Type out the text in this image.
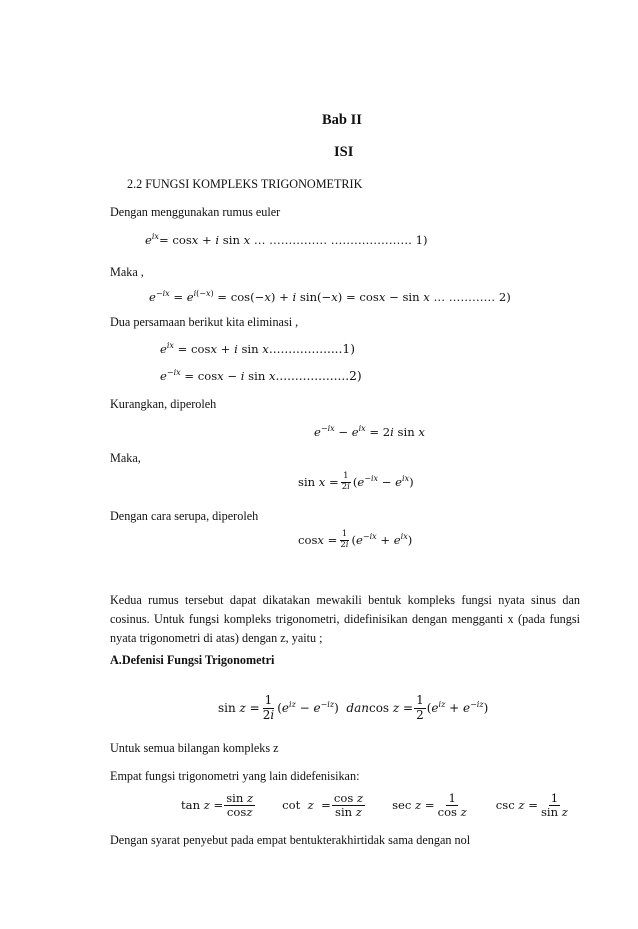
Bab II
ISI
2.2 FUNGSI KOMPLEKS TRIGONOMETRIK
Dengan menggunakan rumus euler
𝑒$^{𝑖𝑥}$= cos𝑥 + 𝑖 sin 𝑥 … …………… ………………… 1)
Maka ,
𝑒$^{-𝑖𝑥}$ = 𝑒$^{𝑖(-𝑥)}$ = cos(−𝑥) + 𝑖 sin(−𝑥) = cos𝑥 − sin 𝑥 … ………… 2)
Dua persamaan berikut kita eliminasi ,
𝑒$^{𝑖𝑥}$ = cos𝑥 + 𝑖 sin 𝑥...................1)
𝑒$^{-𝑖𝑥}$ = cos𝑥 − 𝑖 sin 𝑥...................2)
Kurangkan, diperoleh
𝑒$^{-𝑖𝑥}$ − 𝑒$^{𝑖𝑥}$ = 2𝑖 sin 𝑥
Maka,
sin 𝑥 = $\frac{1}{\text{2𝑖}}$ (𝑒$^{-𝑖𝑥}$ − 𝑒$^{𝑖𝑥}$)
Dengan cara serupa, diperoleh
cos𝑥 = $\frac{1}{\text{2𝑖}}$ (𝑒$^{-𝑖𝑥}$ + 𝑒$^{𝑖𝑥}$)
Kedua rumus tersebut dapat dikatakan mewakili bentuk kompleks fungsi nyata sinus dan cosinus. Untuk fungsi kompleks trigonometri, didefinisikan dengan mengganti x (pada fungsi nyata trigonometri di atas) dengan z, yaitu ;
A.Defenisi Fungsi Trigonometri
sin 𝑧 = $\frac{1}{\text{2𝑖}}$ (𝑒$^{𝑖𝑧}$ − 𝑒$^{-𝑖𝑧}$) 𝑑𝑎𝑛 cos 𝑧 = $\frac{1}{2}$ (𝑒$^{𝑖𝑧}$ + 𝑒$^{-𝑖𝑧}$)
Untuk semua bilangan kompleks z
Empat fungsi trigonometri yang lain didefenisikan:
tan 𝑧 = $\frac{\text{sin 𝑧}}{\text{cos𝑧}}$ cot  𝑧  = $\frac{\text{cos 𝑧}}{\text{sin 𝑧}}$ sec 𝑧 = $\frac{1}{\text{cos 𝑧}}$ csc 𝑧 = $\frac{1}{\text{sin 𝑧}}$
Dengan syarat penyebut pada empat bentukterakhirtidak sama dengan nol
